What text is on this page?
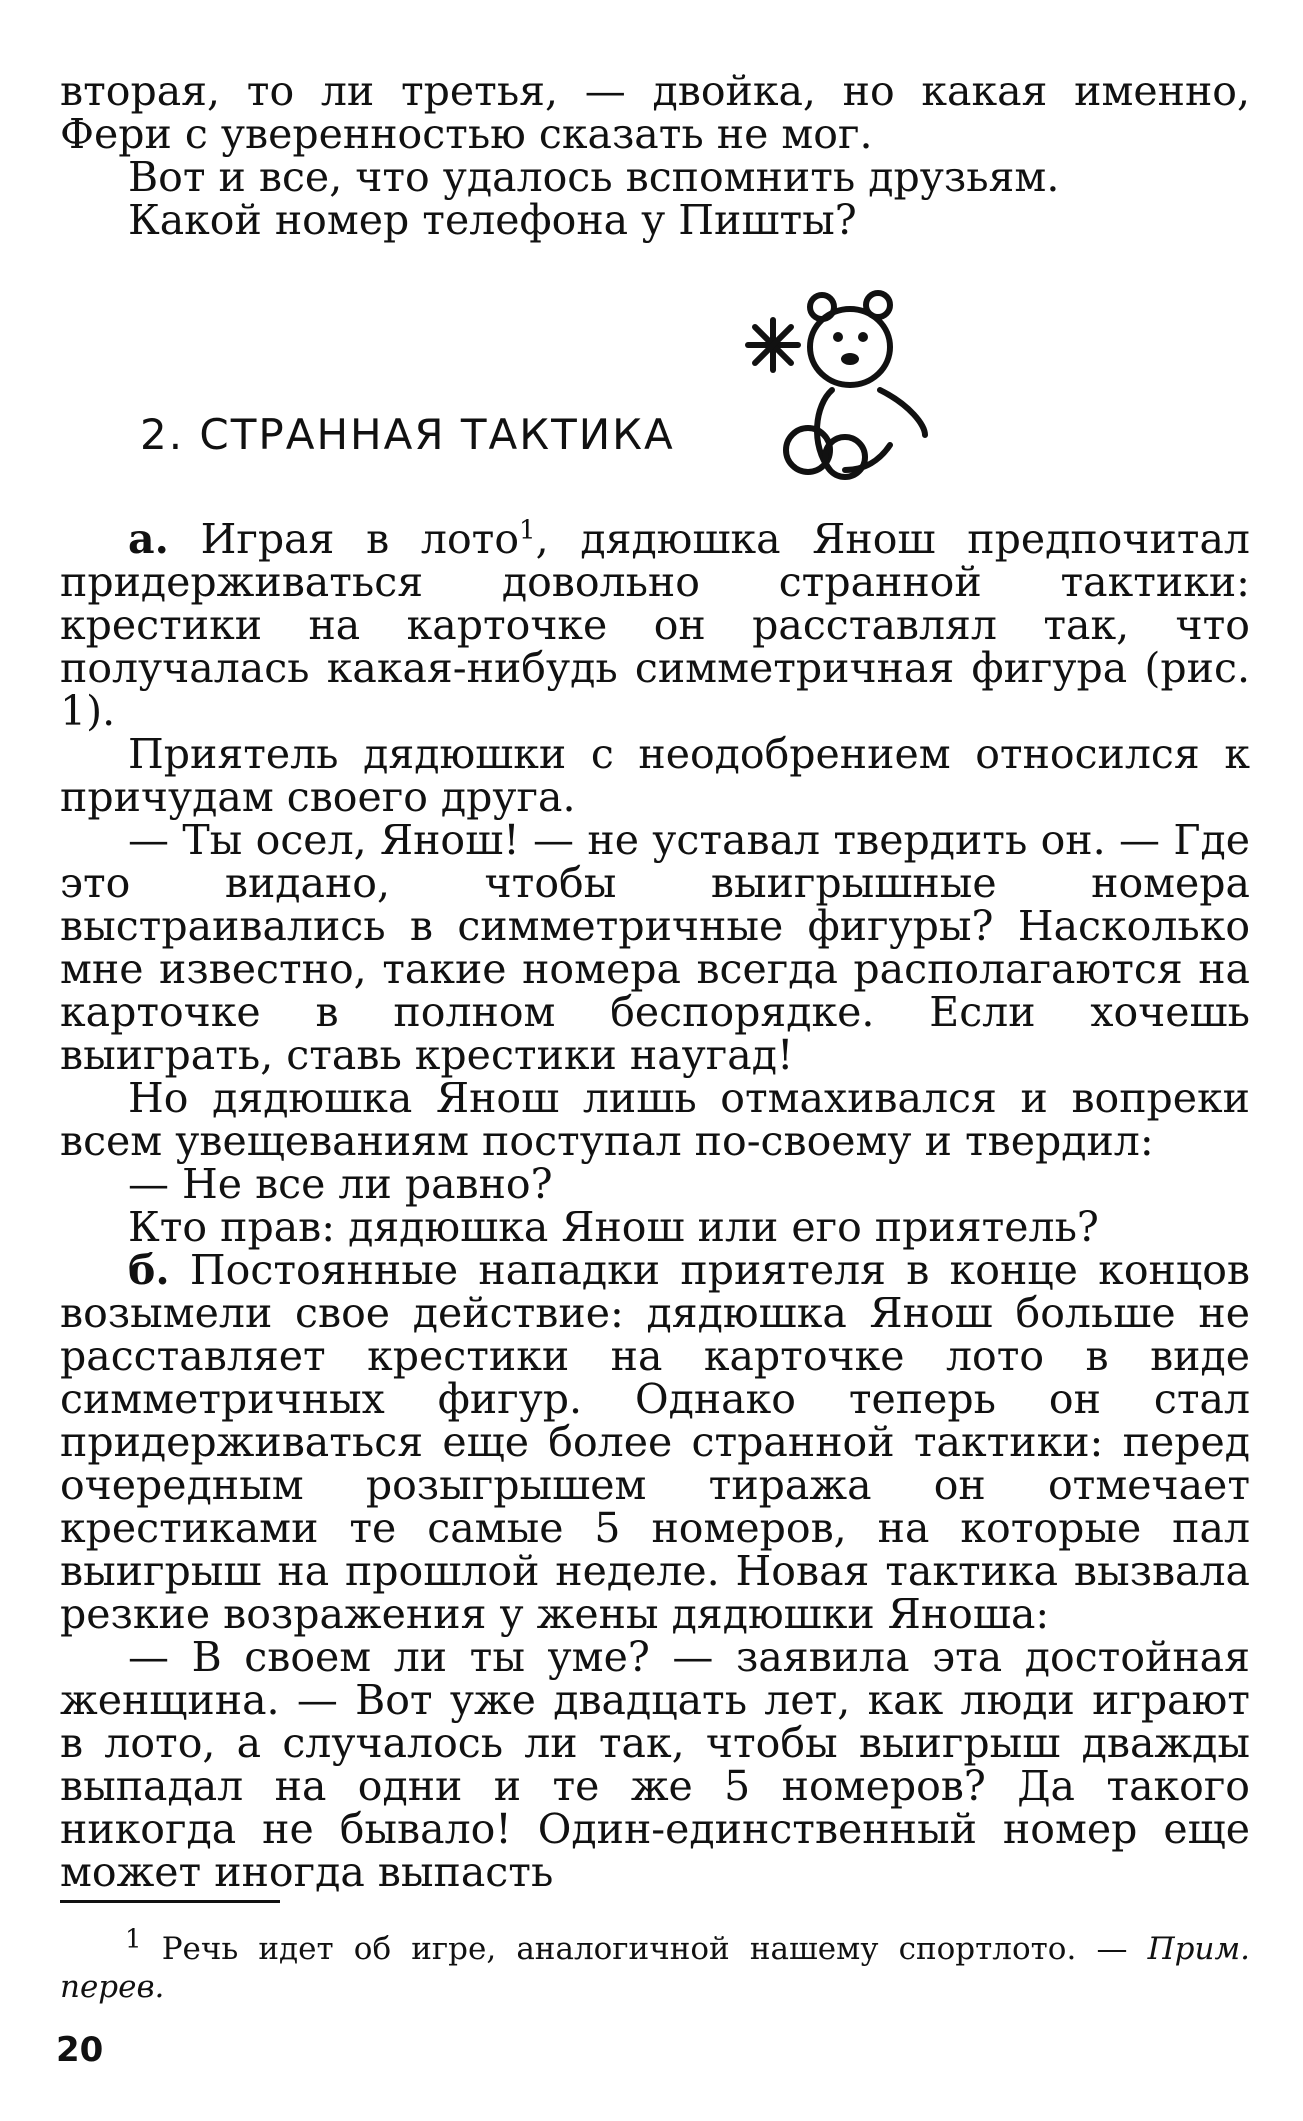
вторая, то ли третья, — двойка, но какая именно, Фери с уверенностью сказать не мог.

Вот и все, что удалось вспомнить друзьям.

Какой номер телефона у Пишты?

2. СТРАННАЯ ТАКТИКА

а. Играя в лото$^1$, дядюшка Янош предпочитал придерживаться довольно странной тактики: крестики на карточке он расставлял так, что получалась какая-нибудь симметричная фигура (рис. 1).

Приятель дядюшки с неодобрением относился к причудам своего друга.

— Ты осел, Янош! — не уставал твердить он. — Где это видано, чтобы выигрышные номера выстраивались в симметричные фигуры? Насколько мне известно, такие номера всегда располагаются на карточке в полном беспорядке. Если хочешь выиграть, ставь крестики наугад!

Но дядюшка Янош лишь отмахивался и вопреки всем увещеваниям поступал по-своему и твердил:

— Не все ли равно?

Кто прав: дядюшка Янош или его приятель?

б. Постоянные нападки приятеля в конце концов возымели свое действие: дядюшка Янош больше не расставляет крестики на карточке лото в виде симметричных фигур. Однако теперь он стал придерживаться еще более странной тактики: перед очередным розыгрышем тиража он отмечает крестиками те самые 5 номеров, на которые пал выигрыш на прошлой неделе. Новая тактика вызвала резкие возражения у жены дядюшки Яноша:

— В своем ли ты уме? — заявила эта достойная женщина. — Вот уже двадцать лет, как люди играют в лото, а случалось ли так, чтобы выигрыш дважды выпадал на одни и те же 5 номеров? Да такого никогда не бывало! Один-единственный номер еще может иногда выпасть

$^1$ Речь идет об игре, аналогичной нашему спортлото. — Прим. перев.
20
